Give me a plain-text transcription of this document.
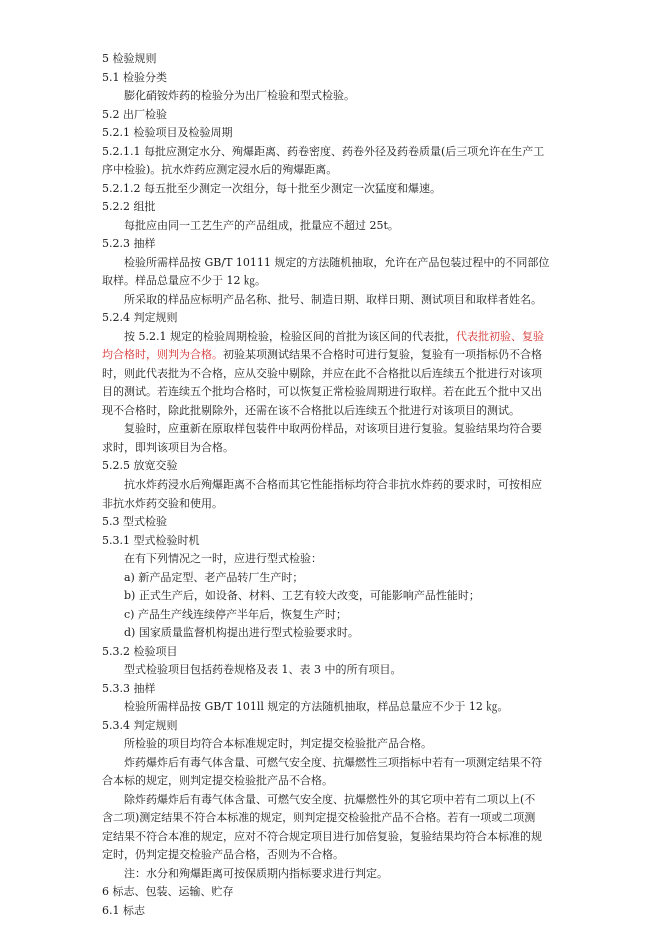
5 检验规则
5.1 检验分类
膨化硝铵炸药的检验分为出厂检验和型式检验。
5.2 出厂检验
5.2.1 检验项目及检验周期
5.2.1.1 每批应测定水分、殉爆距离、药卷密度、药卷外径及药卷质量(后三项允许在生产工
序中检验)。抗水炸药应测定浸水后的殉爆距离。
5.2.1.2 每五批至少测定一次组分，每十批至少测定一次猛度和爆速。
5.2.2 组批
每批应由同一工艺生产的产品组成，批量应不超过 25t。
5.2.3 抽样
检验所需样品按 GB/T 10111 规定的方法随机抽取，允许在产品包装过程中的不同部位
取样。样品总量应不少于 12 ㎏。
所采取的样品应标明产品名称、批号、制造日期、取样日期、测试项目和取样者姓名。
5.2.4 判定规则
按 5.2.1 规定的检验周期检验，检验区间的首批为该区间的代表批，代表批初验、复验
均合格时，则判为合格。初验某项测试结果不合格时可进行复验，复验有一项指标仍不合格
时，则此代表批为不合格，应从交验中剔除，并应在此不合格批以后连续五个批进行对该项
目的测试。若连续五个批均合格时，可以恢复正常检验周期进行取样。若在此五个批中又出
现不合格时，除此批剔除外，还需在该不合格批以后连续五个批进行对该项目的测试。
复验时，应重新在原取样包装件中取两份样品，对该项目进行复验。复验结果均符合要
求时，即判该项目为合格。
5.2.5 放宽交验
抗水炸药浸水后殉爆距离不合格而其它性能指标均符合非抗水炸药的要求时，可按相应
非抗水炸药交验和使用。
5.3 型式检验
5.3.1 型式检验时机
在有下列情况之一时，应进行型式检验：
a) 新产品定型、老产品转厂生产时；
b) 正式生产后，如设备、材料、工艺有较大改变，可能影响产品性能时；
c) 产品生产线连续停产半年后，恢复生产时；
d) 国家质量监督机构提出进行型式检验要求时。
5.3.2 检验项目
型式检验项目包括药卷规格及表 1、表 3 中的所有项目。
5.3.3 抽样
检验所需样品按 GB/T 101ll 规定的方法随机抽取，样品总量应不少于 12 ㎏。
5.3.4 判定规则
所检验的项目均符合本标准规定时，判定提交检验批产品合格。
炸药爆炸后有毒气体含量、可燃气安全度、抗爆燃性三项指标中若有一项测定结果不符
合本标的规定，则判定提交检验批产品不合格。
除炸药爆炸后有毒气体含量、可燃气安全度、抗爆燃性外的其它项中若有二项以上(不
含二项)测定结果不符合本标准的规定，则判定提交检验批产品不合格。若有一项或二项测
定结果不符合本准的规定，应对不符合规定项目进行加倍复验，复验结果均符合本标准的规
定时，仍判定提交检验产品合格，否则为不合格。
注：水分和殉爆距离可按保质期内指标要求进行判定。
6 标志、包装、运输、贮存
6.1 标志
